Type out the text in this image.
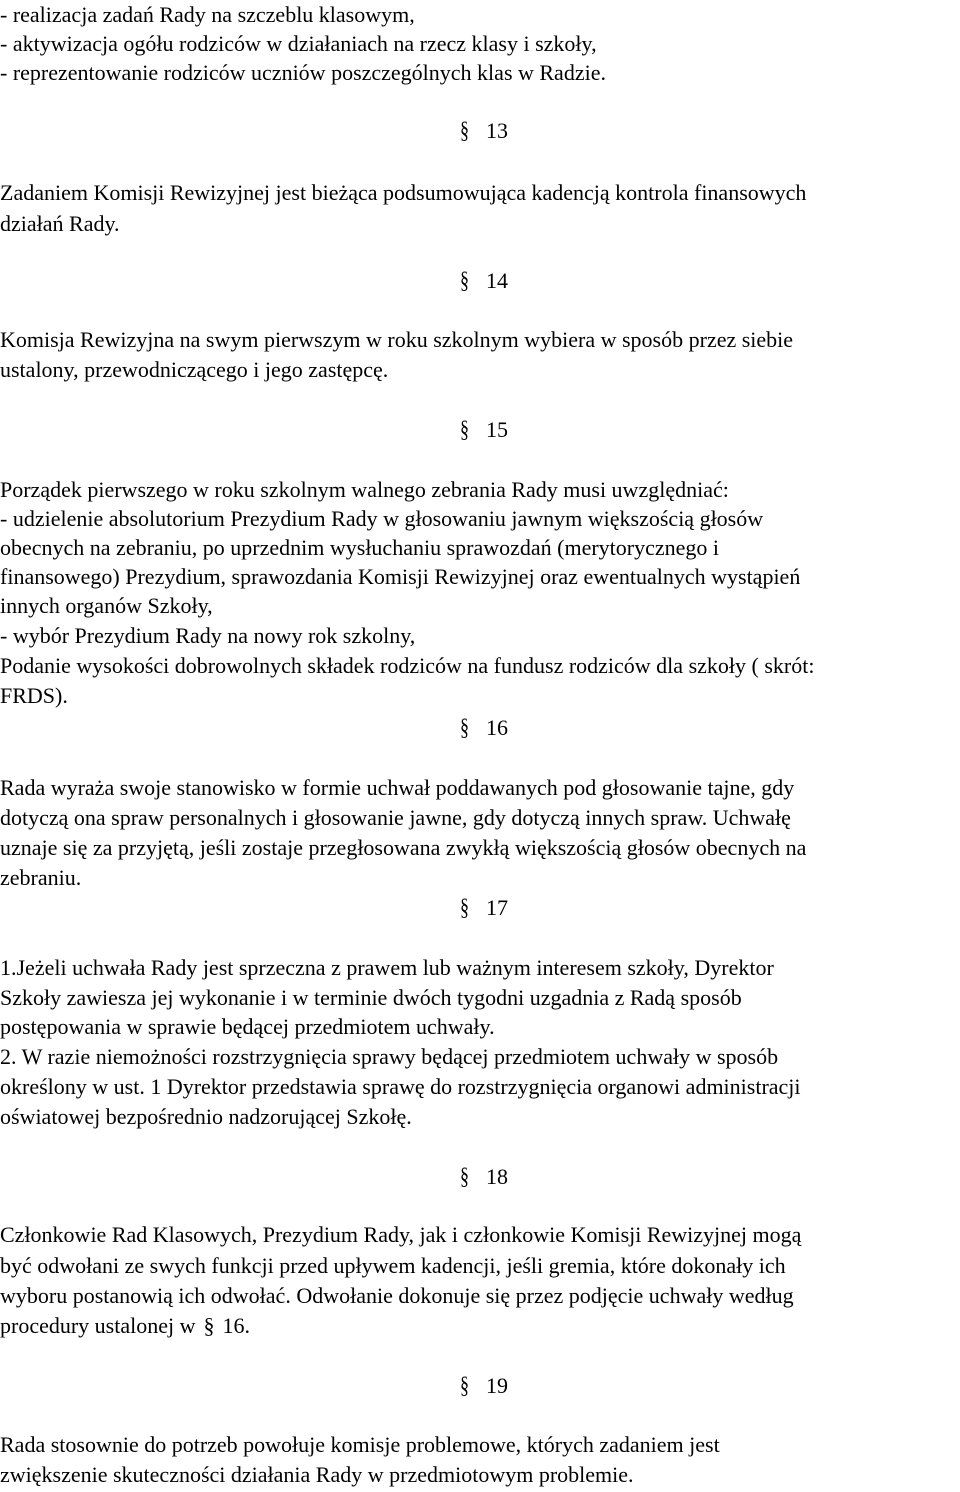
- realizacja zadań Rady na szczeblu klasowym,
- aktywizacja ogółu rodziców w działaniach na rzecz klasy i szkoły,
- reprezentowanie rodziców uczniów poszczególnych klas w Radzie.
§ 13
Zadaniem Komisji Rewizyjnej jest bieżąca podsumowująca kadencją kontrola finansowych
działań Rady.
§ 14
Komisja Rewizyjna na swym pierwszym w roku szkolnym wybiera w sposób przez siebie
ustalony, przewodniczącego i jego zastępcę.
§ 15
Porządek pierwszego w roku szkolnym walnego zebrania Rady musi uwzględniać:
- udzielenie absolutorium Prezydium Rady w głosowaniu jawnym większością głosów
obecnych na zebraniu, po uprzednim wysłuchaniu sprawozdań (merytorycznego i
finansowego) Prezydium, sprawozdania Komisji Rewizyjnej oraz ewentualnych wystąpień
innych organów Szkoły,
- wybór Prezydium Rady na nowy rok szkolny,
Podanie wysokości dobrowolnych składek rodziców na fundusz rodziców dla szkoły ( skrót:
FRDS).
§ 16
Rada wyraża swoje stanowisko w formie uchwał poddawanych pod głosowanie tajne, gdy
dotyczą ona spraw personalnych i głosowanie jawne, gdy dotyczą innych spraw. Uchwałę
uznaje się za przyjętą, jeśli zostaje przegłosowana zwykłą większością głosów obecnych na
zebraniu.
§ 17
1.Jeżeli uchwała Rady jest sprzeczna z prawem lub ważnym interesem szkoły, Dyrektor
Szkoły zawiesza jej wykonanie i w terminie dwóch tygodni uzgadnia z Radą sposób
postępowania w sprawie będącej przedmiotem uchwały.
2. W razie niemożności rozstrzygnięcia sprawy będącej przedmiotem uchwały w sposób
określony w ust. 1 Dyrektor przedstawia sprawę do rozstrzygnięcia organowi administracji
oświatowej bezpośrednio nadzorującej Szkołę.
§ 18
Członkowie Rad Klasowych, Prezydium Rady, jak i członkowie Komisji Rewizyjnej mogą
być odwołani ze swych funkcji przed upływem kadencji, jeśli gremia, które dokonały ich
wyboru postanowią ich odwołać. Odwołanie dokonuje się przez podjęcie uchwały według
procedury ustalonej w § 16.
§ 19
Rada stosownie do potrzeb powołuje komisje problemowe, których zadaniem jest
zwiększenie skuteczności działania Rady w przedmiotowym problemie.
